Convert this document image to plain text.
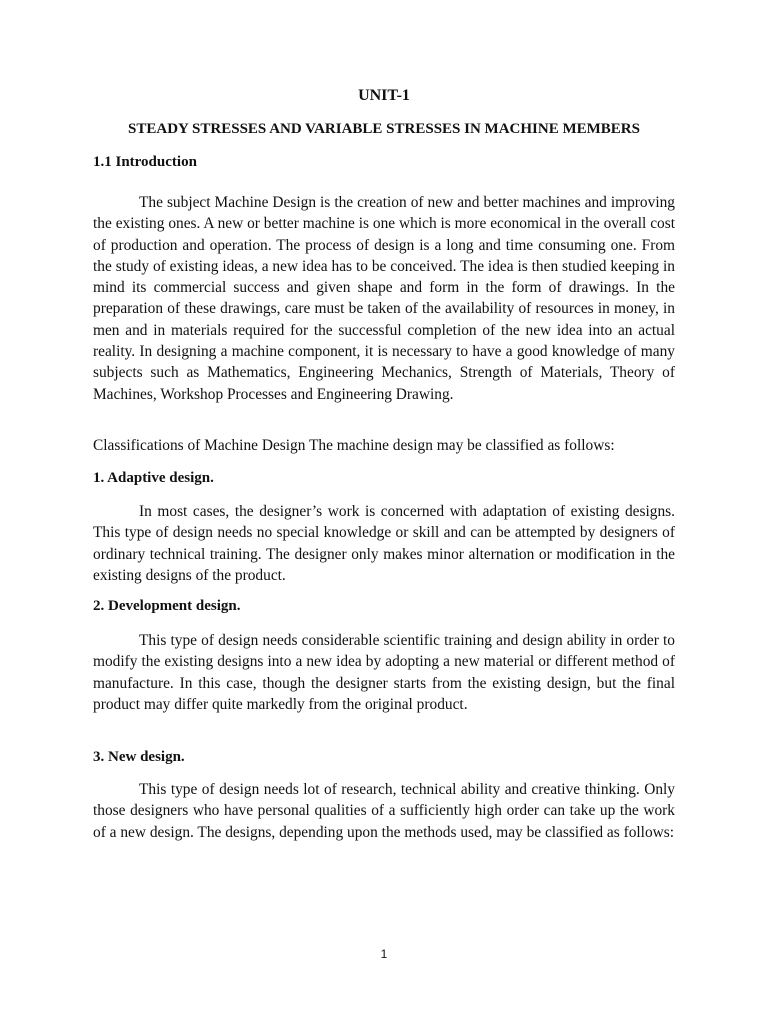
UNIT-1
STEADY STRESSES AND VARIABLE STRESSES IN MACHINE MEMBERS
1.1 Introduction

The subject Machine Design is the creation of new and better machines and improving the existing ones. A new or better machine is one which is more economical in the overall cost of production and operation. The process of design is a long and time consuming one. From the study of existing ideas, a new idea has to be conceived. The idea is then studied keeping in mind its commercial success and given shape and form in the form of drawings. In the preparation of these drawings, care must be taken of the availability of resources in money, in men and in materials required for the successful completion of the new idea into an actual reality. In designing a machine component, it is necessary to have a good knowledge of many subjects such as Mathematics, Engineering Mechanics, Strength of Materials, Theory of Machines, Workshop Processes and Engineering Drawing.

Classifications of Machine Design The machine design may be classified as follows:

1. Adaptive design.

In most cases, the designer’s work is concerned with adaptation of existing designs. This type of design needs no special knowledge or skill and can be attempted by designers of ordinary technical training. The designer only makes minor alternation or modification in the existing designs of the product.

2. Development design.

This type of design needs considerable scientific training and design ability in order to modify the existing designs into a new idea by adopting a new material or different method of manufacture. In this case, though the designer starts from the existing design, but the final product may differ quite markedly from the original product.

3. New design.

This type of design needs lot of research, technical ability and creative thinking. Only those designers who have personal qualities of a sufficiently high order can take up the work of a new design. The designs, depending upon the methods used, may be classified as follows:

1
